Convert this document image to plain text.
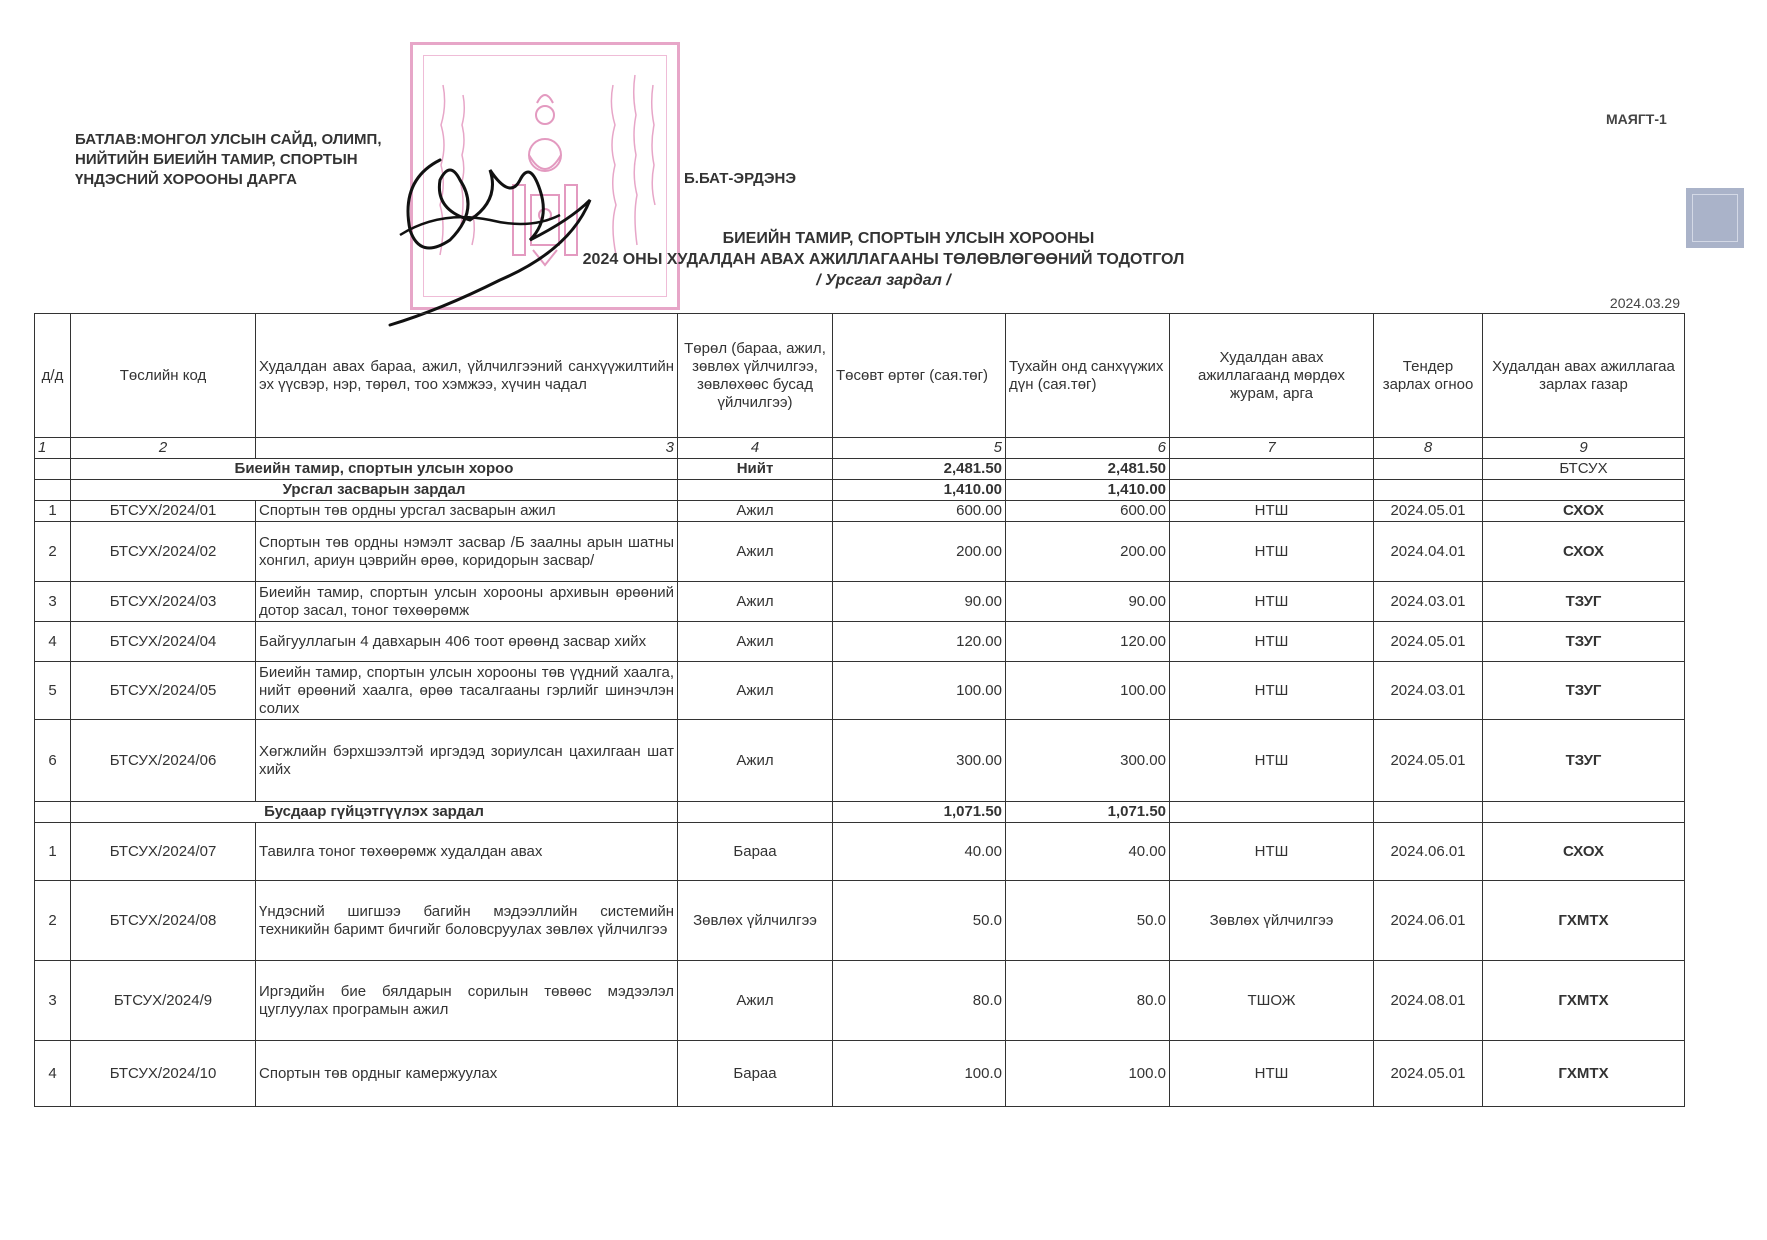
БАТЛАВ:МОНГОЛ УЛСЫН САЙД, ОЛИМП,
НИЙТИЙН БИЕИЙН ТАМИР, СПОРТЫН
ҮНДЭСНИЙ ХОРООНЫ ДАРГА	Б.БАТ-ЭРДЭНЭ
МАЯГТ-1
БИЕИЙН ТАМИР, СПОРТЫН УЛСЫН ХОРООНЫ
2024 ОНЫ ХУДАЛДАН АВАХ АЖИЛЛАГААНЫ ТӨЛӨВЛӨГӨӨНИЙ ТОДОТГОЛ
/ Урсгал зардал /
2024.03.29
д/д	Төслийн код	Худалдан авах бараа, ажил, үйлчилгээний санхүүжилтийн эх үүсвэр, нэр, төрөл, тоо хэмжээ, хүчин чадал	Төрөл (бараа, ажил, зөвлөх үйлчилгээ, зөвлөхөөс бусад үйлчилгээ)	Төсөвт өртөг (сая.төг)	Тухайн онд санхүүжих дүн (сая.төг)	Худалдан авах ажиллагаанд мөрдөх журам, арга	Тендер зарлах огноо	Худалдан авах ажиллагаа зарлах газар
1	2	3	4	5	6	7	8	9
	Биеийн тамир, спортын улсын хороо		Нийт	2,481.50	2,481.50			БТСУХ
	Урсгал засварын зардал			1,410.00	1,410.00			
1	БТСУХ/2024/01	Спортын төв ордны урсгал засварын ажил	Ажил	600.00	600.00	НТШ	2024.05.01	СХОХ
2	БТСУХ/2024/02	Спортын төв ордны нэмэлт засвар /Б заалны арын шатны хонгил, ариун цэврийн өрөө, коридорын засвар/	Ажил	200.00	200.00	НТШ	2024.04.01	СХОХ
3	БТСУХ/2024/03	Биеийн тамир, спортын улсын хорооны архивын өрөөний дотор засал, тоног төхөөрөмж	Ажил	90.00	90.00	НТШ	2024.03.01	ТЗУГ
4	БТСУХ/2024/04	Байгууллагын 4 давхарын 406 тоот өрөөнд засвар хийх	Ажил	120.00	120.00	НТШ	2024.05.01	ТЗУГ
5	БТСУХ/2024/05	Биеийн тамир, спортын улсын хорооны төв үүдний хаалга, нийт өрөөний хаалга, өрөө тасалгааны гэрлийг шинэчлэн солих	Ажил	100.00	100.00	НТШ	2024.03.01	ТЗУГ
6	БТСУХ/2024/06	Хөгжлийн бэрхшээлтэй иргэдэд зориулсан цахилгаан шат хийх	Ажил	300.00	300.00	НТШ	2024.05.01	ТЗУГ
	Бусдаар гүйцэтгүүлэх зардал			1,071.50	1,071.50			
1	БТСУХ/2024/07	Тавилга тоног төхөөрөмж худалдан авах	Бараа	40.00	40.00	НТШ	2024.06.01	СХОХ
2	БТСУХ/2024/08	Үндэсний шигшээ багийн мэдээллийн системийн техникийн баримт бичгийг боловсруулах зөвлөх үйлчилгээ	Зөвлөх үйлчилгээ	50.0	50.0	Зөвлөх үйлчилгээ	2024.06.01	ГХМТХ
3	БТСУХ/2024/9	Иргэдийн бие бялдарын сорилын төвөөс мэдээлэл цуглуулах програмын ажил	Ажил	80.0	80.0	ТШОЖ	2024.08.01	ГХМТХ
4	БТСУХ/2024/10	Спортын төв ордныг камержуулах	Бараа	100.0	100.0	НТШ	2024.05.01	ГХМТХ
